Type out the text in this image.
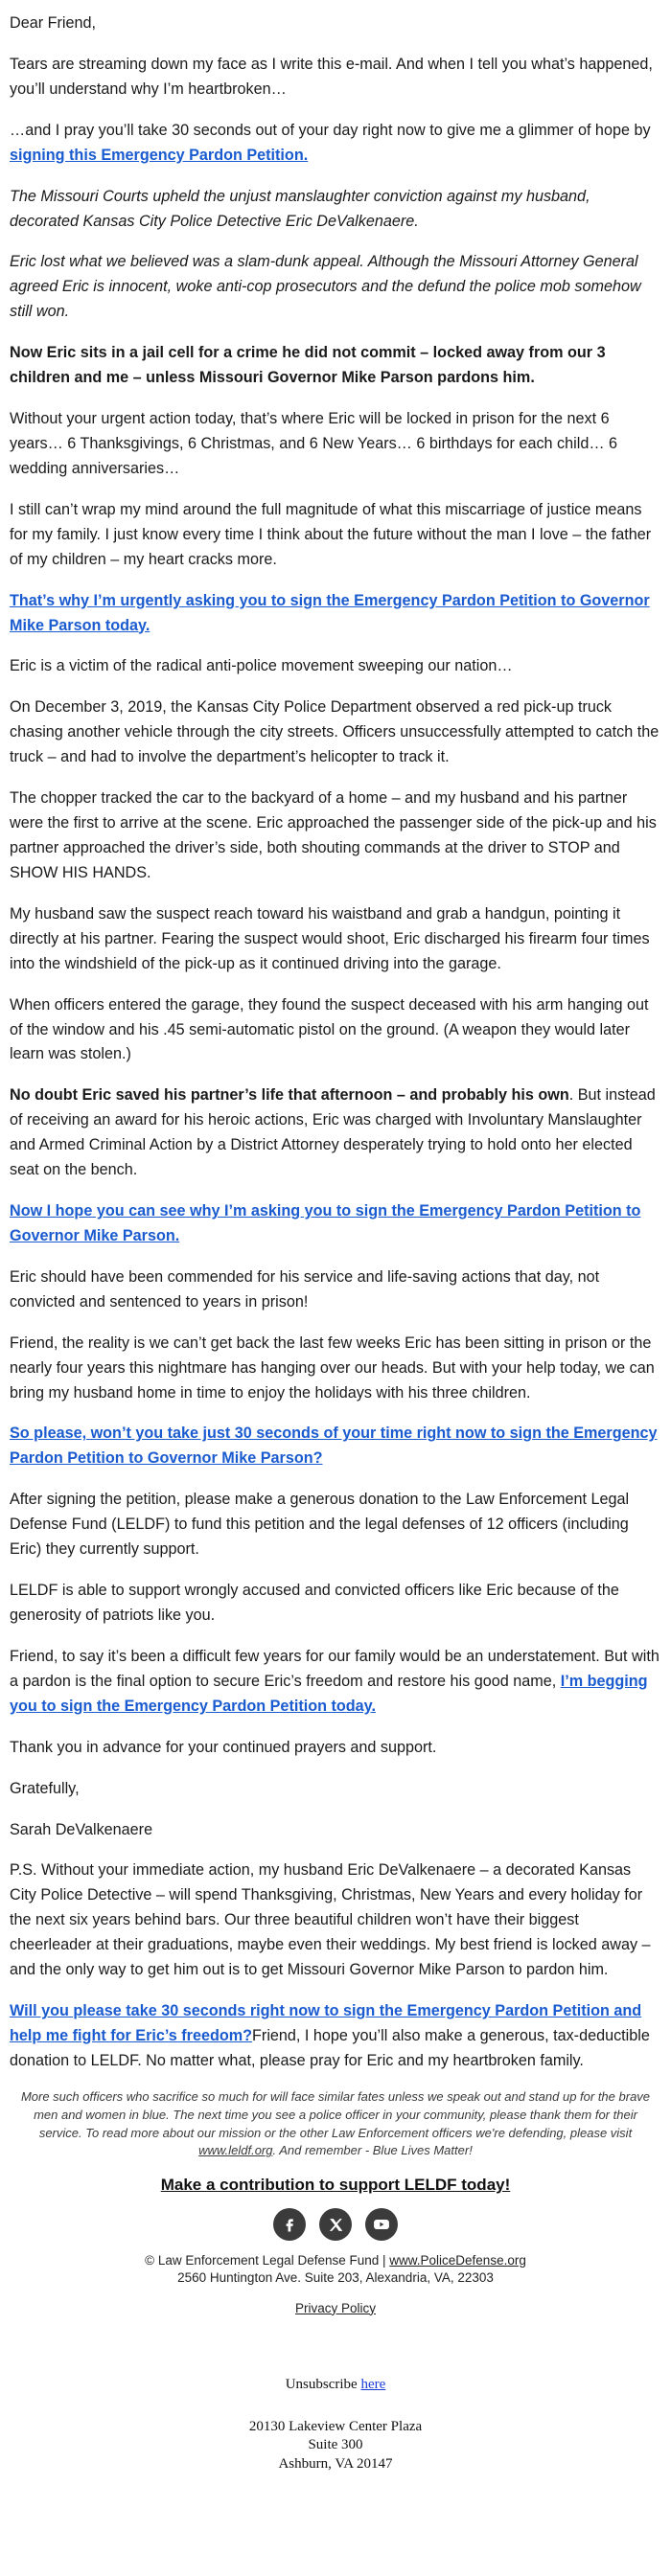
Dear Friend,

Tears are streaming down my face as I write this e-mail. And when I tell you what’s happened, you’ll understand why I’m heartbroken…

…and I pray you’ll take 30 seconds out of your day right now to give me a glimmer of hope by signing this Emergency Pardon Petition.

The Missouri Courts upheld the unjust manslaughter conviction against my husband, decorated Kansas City Police Detective Eric DeValkenaere.

Eric lost what we believed was a slam-dunk appeal. Although the Missouri Attorney General agreed Eric is innocent, woke anti-cop prosecutors and the defund the police mob somehow still won.

Now Eric sits in a jail cell for a crime he did not commit – locked away from our 3 children and me – unless Missouri Governor Mike Parson pardons him.

Without your urgent action today, that’s where Eric will be locked in prison for the next 6 years… 6 Thanksgivings, 6 Christmas, and 6 New Years… 6 birthdays for each child… 6 wedding anniversaries…

I still can’t wrap my mind around the full magnitude of what this miscarriage of justice means for my family. I just know every time I think about the future without the man I love – the father of my children – my heart cracks more.

That’s why I’m urgently asking you to sign the Emergency Pardon Petition to Governor Mike Parson today.

Eric is a victim of the radical anti-police movement sweeping our nation…

On December 3, 2019, the Kansas City Police Department observed a red pick-up truck chasing another vehicle through the city streets. Officers unsuccessfully attempted to catch the truck – and had to involve the department’s helicopter to track it.

The chopper tracked the car to the backyard of a home – and my husband and his partner were the first to arrive at the scene. Eric approached the passenger side of the pick-up and his partner approached the driver’s side, both shouting commands at the driver to STOP and SHOW HIS HANDS.

My husband saw the suspect reach toward his waistband and grab a handgun, pointing it directly at his partner. Fearing the suspect would shoot, Eric discharged his firearm four times into the windshield of the pick-up as it continued driving into the garage.

When officers entered the garage, they found the suspect deceased with his arm hanging out of the window and his .45 semi-automatic pistol on the ground. (A weapon they would later learn was stolen.)

No doubt Eric saved his partner’s life that afternoon – and probably his own. But instead of receiving an award for his heroic actions, Eric was charged with Involuntary Manslaughter and Armed Criminal Action by a District Attorney desperately trying to hold onto her elected seat on the bench.

Now I hope you can see why I’m asking you to sign the Emergency Pardon Petition to Governor Mike Parson.

Eric should have been commended for his service and life-saving actions that day, not convicted and sentenced to years in prison!

Friend, the reality is we can’t get back the last few weeks Eric has been sitting in prison or the nearly four years this nightmare has hanging over our heads. But with your help today, we can bring my husband home in time to enjoy the holidays with his three children.

So please, won’t you take just 30 seconds of your time right now to sign the Emergency Pardon Petition to Governor Mike Parson?

After signing the petition, please make a generous donation to the Law Enforcement Legal Defense Fund (LELDF) to fund this petition and the legal defenses of 12 officers (including Eric) they currently support.

LELDF is able to support wrongly accused and convicted officers like Eric because of the generosity of patriots like you.

Friend, to say it’s been a difficult few years for our family would be an understatement. But with a pardon is the final option to secure Eric’s freedom and restore his good name, I’m begging you to sign the Emergency Pardon Petition today.

Thank you in advance for your continued prayers and support.

Gratefully,

Sarah DeValkenaere

P.S. Without your immediate action, my husband Eric DeValkenaere – a decorated Kansas City Police Detective – will spend Thanksgiving, Christmas, New Years and every holiday for the next six years behind bars. Our three beautiful children won’t have their biggest cheerleader at their graduations, maybe even their weddings. My best friend is locked away – and the only way to get him out is to get Missouri Governor Mike Parson to pardon him.

Will you please take 30 seconds right now to sign the Emergency Pardon Petition and help me fight for Eric’s freedom?Friend, I hope you’ll also make a generous, tax-deductible donation to LELDF. No matter what, please pray for Eric and my heartbroken family.

More such officers who sacrifice so much for will face similar fates unless we speak out and stand up for the brave men and women in blue. The next time you see a police officer in your community, please thank them for their service. To read more about our mission or the other Law Enforcement officers we're defending, please visit www.leldf.org. And remember - Blue Lives Matter!
Make a contribution to support LELDF today!
© Law Enforcement Legal Defense Fund | www.PoliceDefense.org
2560 Huntington Ave. Suite 203, Alexandria, VA, 22303
Privacy Policy
Unsubscribe here
20130 Lakeview Center Plaza
Suite 300
Ashburn, VA 20147
